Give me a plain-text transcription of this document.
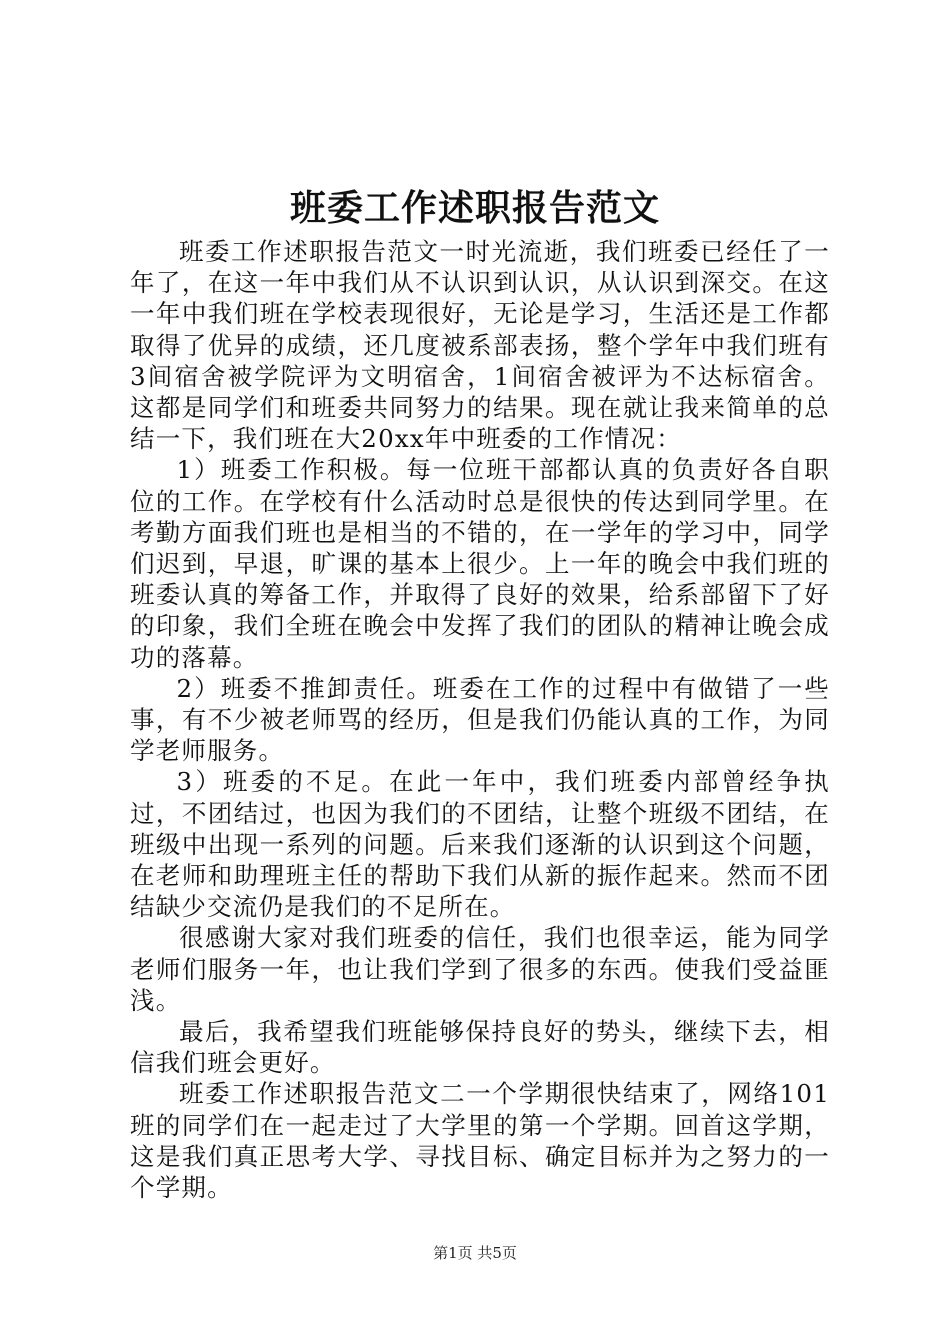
班委工作述职报告范文

班委工作述职报告范文一时光流逝，我们班委已经任了一年了，在这一年中我们从不认识到认识，从认识到深交。在这一年中我们班在学校表现很好，无论是学习，生活还是工作都取得了优异的成绩，还几度被系部表扬，整个学年中我们班有3间宿舍被学院评为文明宿舍，1间宿舍被评为不达标宿舍。这都是同学们和班委共同努力的结果。现在就让我来简单的总结一下，我们班在大20xx年中班委的工作情况：

1）班委工作积极。每一位班干部都认真的负责好各自职位的工作。在学校有什么活动时总是很快的传达到同学里。在考勤方面我们班也是相当的不错的，在一学年的学习中，同学们迟到，早退，旷课的基本上很少。上一年的晚会中我们班的班委认真的筹备工作，并取得了良好的效果，给系部留下了好的印象，我们全班在晚会中发挥了我们的团队的精神让晚会成功的落幕。

2）班委不推卸责任。班委在工作的过程中有做错了一些事，有不少被老师骂的经历，但是我们仍能认真的工作，为同学老师服务。

3）班委的不足。在此一年中，我们班委内部曾经争执过，不团结过，也因为我们的不团结，让整个班级不团结，在班级中出现一系列的问题。后来我们逐渐的认识到这个问题，在老师和助理班主任的帮助下我们从新的振作起来。然而不团结缺少交流仍是我们的不足所在。

很感谢大家对我们班委的信任，我们也很幸运，能为同学老师们服务一年，也让我们学到了很多的东西。使我们受益匪浅。

最后，我希望我们班能够保持良好的势头，继续下去，相信我们班会更好。

班委工作述职报告范文二一个学期很快结束了，网络101班的同学们在一起走过了大学里的第一个学期。回首这学期，这是我们真正思考大学、寻找目标、确定目标并为之努力的一个学期。

第1页 共5页
